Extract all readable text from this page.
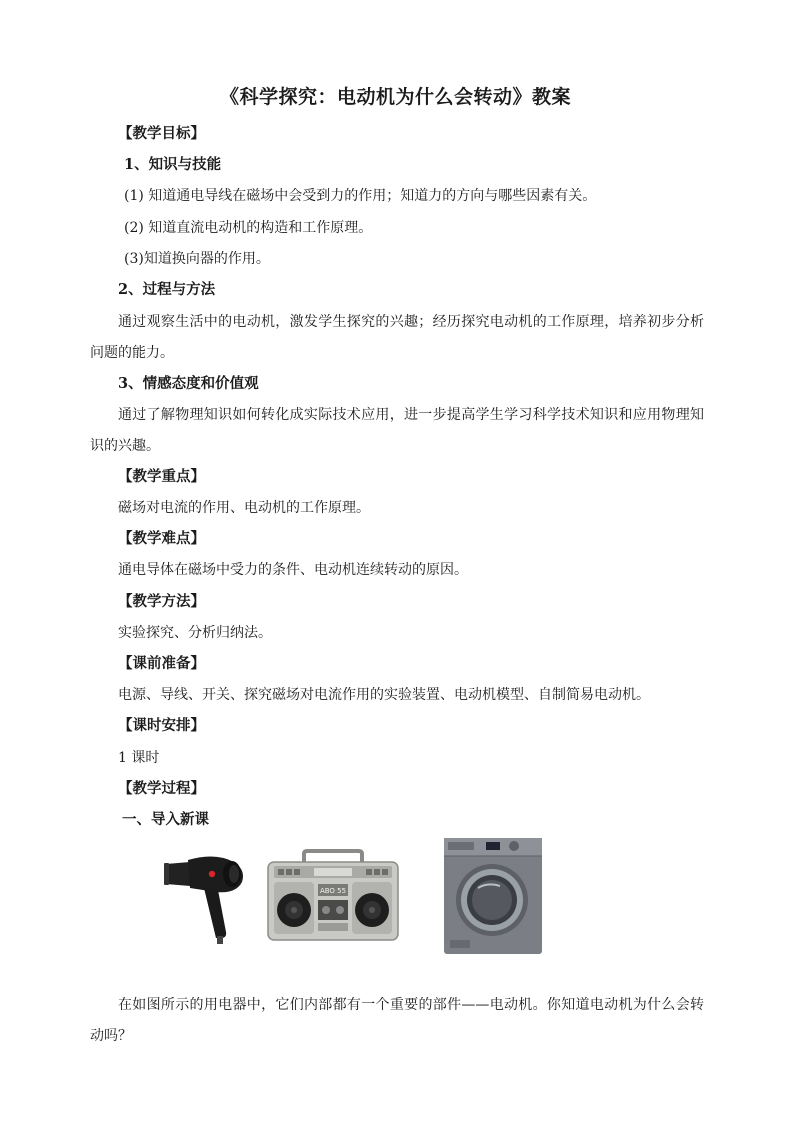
《科学探究：电动机为什么会转动》教案
【教学目标】
1、知识与技能
(1) 知道通电导线在磁场中会受到力的作用；知道力的方向与哪些因素有关。
(2) 知道直流电动机的构造和工作原理。
(3)知道换向器的作用。
2、过程与方法
通过观察生活中的电动机，激发学生探究的兴趣；经历探究电动机的工作原理，培养初步分析问题的能力。
3、情感态度和价值观
通过了解物理知识如何转化成实际技术应用，进一步提高学生学习科学技术知识和应用物理知识的兴趣。
【教学重点】
磁场对电流的作用、电动机的工作原理。
【教学难点】
通电导体在磁场中受力的条件、电动机连续转动的原因。
【教学方法】
实验探究、分析归纳法。
【课前准备】
电源、导线、开关、探究磁场对电流作用的实验装置、电动机模型、自制简易电动机。
【课时安排】
1 课时
【教学过程】
一、导入新课
ABO 55
在如图所示的用电器中，它们内部都有一个重要的部件——电动机。你知道电动机为什么会转动吗？
